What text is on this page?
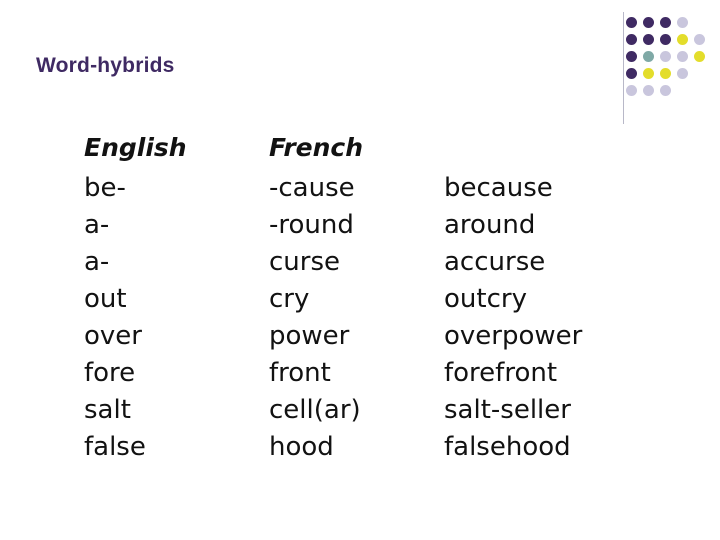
Word-hybrids
English	French
be-	-cause	because
a-	-round	around
a-	curse	accurse
out	cry	outcry
over	power	overpower
fore	front	forefront
salt	cell(ar)	salt-seller
false	hood	falsehood
